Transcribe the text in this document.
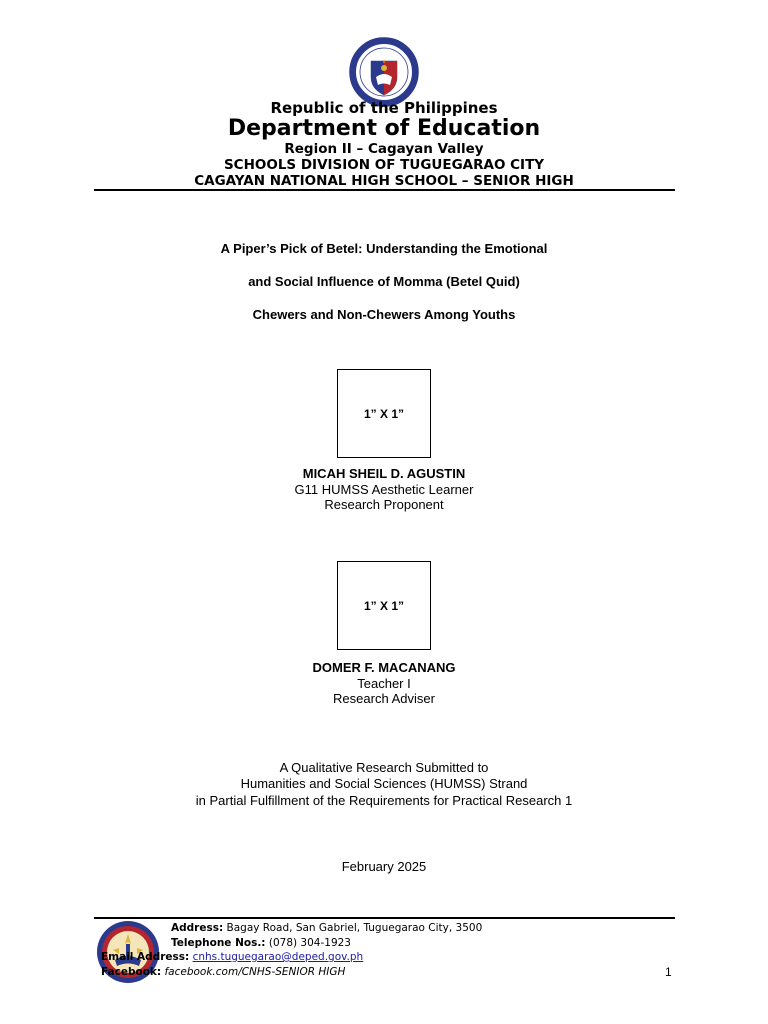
Republic of the Philippines
Department of Education
Region II – Cagayan Valley
SCHOOLS DIVISION OF TUGUEGARAO CITY
CAGAYAN NATIONAL HIGH SCHOOL – SENIOR HIGH
A Piper’s Pick of Betel: Understanding the Emotional
and Social Influence of Momma (Betel Quid)
Chewers and Non-Chewers Among Youths
1” X 1”
MICAH SHEIL D. AGUSTIN
G11 HUMSS Aesthetic Learner
Research Proponent
1” X 1”
DOMER F. MACANANG
Teacher I
Research Adviser
A Qualitative Research Submitted to
Humanities and Social Sciences (HUMSS) Strand
in Partial Fulfillment of the Requirements for Practical Research 1
February 2025
Address: Bagay Road, San Gabriel, Tuguegarao City, 3500
Telephone Nos.: (078) 304-1923
Email Address: cnhs.tuguegarao@deped.gov.ph
Facebook: facebook.com/CNHS-SENIOR HIGH	1
